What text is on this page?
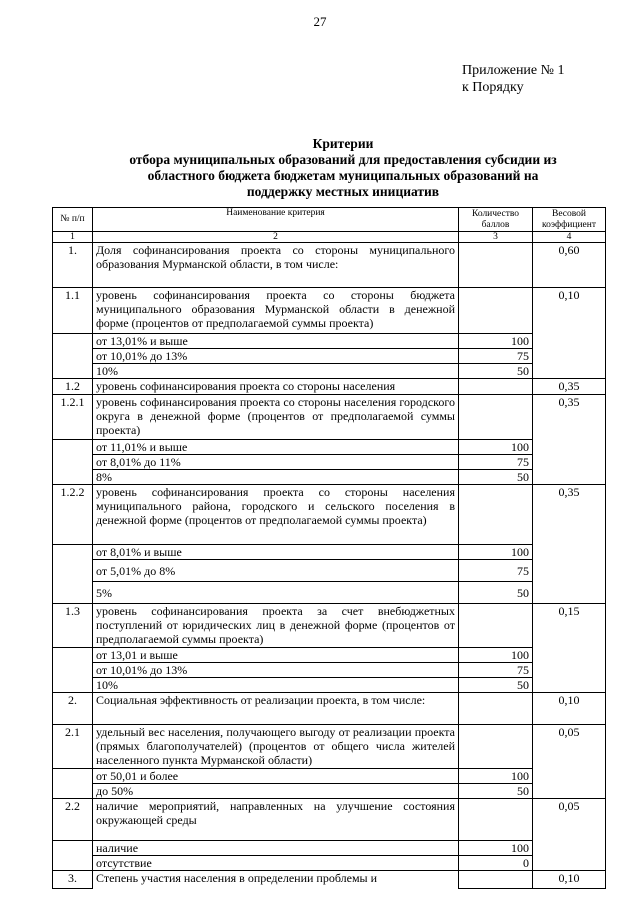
27
Приложение № 1
к Порядку
Критерии
отбора муниципальных образований для предоставления субсидии из
областного бюджета бюджетам муниципальных образований на
поддержку местных инициатив
№ п/п	Наименование критерия	Количество баллов	Весовой коэффициент
1	2	3	4
1.	Доля софинансирования проекта со стороны муниципального образования Мурманской области, в том числе:		0,60
1.1	уровень софинансирования проекта со стороны бюджета муниципального образования Мурманской области в денежной форме (процентов от предполагаемой суммы проекта)		0,10
	от 13,01% и выше	100	
	от 10,01% до 13%	75	
	10%	50	
1.2	уровень софинансирования проекта со стороны населения		0,35
1.2.1	уровень софинансирования проекта со стороны населения городского округа в денежной форме (процентов от предполагаемой суммы проекта)		0,35
	от 11,01% и выше	100	
	от 8,01% до 11%	75	
	8%	50	
1.2.2	уровень софинансирования проекта со стороны населения муниципального района, городского и сельского поселения в денежной форме (процентов от предполагаемой суммы проекта)		0,35
	от 8,01% и выше	100	
	от 5,01% до 8%	75	
	5%	50	
1.3	уровень софинансирования проекта за счет внебюджетных поступлений от юридических лиц в денежной форме (процентов от предполагаемой суммы проекта)		0,15
	от 13,01 и выше	100	
	от 10,01% до 13%	75	
	10%	50	
2.	Социальная эффективность от реализации проекта, в том числе:		0,10
2.1	удельный вес населения, получающего выгоду от реализации проекта (прямых благополучателей) (процентов от общего числа жителей населенного пункта Мурманской области)		0,05
	от 50,01 и более	100	
	до 50%	50	
2.2	наличие мероприятий, направленных на улучшение состояния окружающей среды		0,05
	наличие	100	
	отсутствие	0	
3.	Степень участия населения в определении проблемы и		0,10
